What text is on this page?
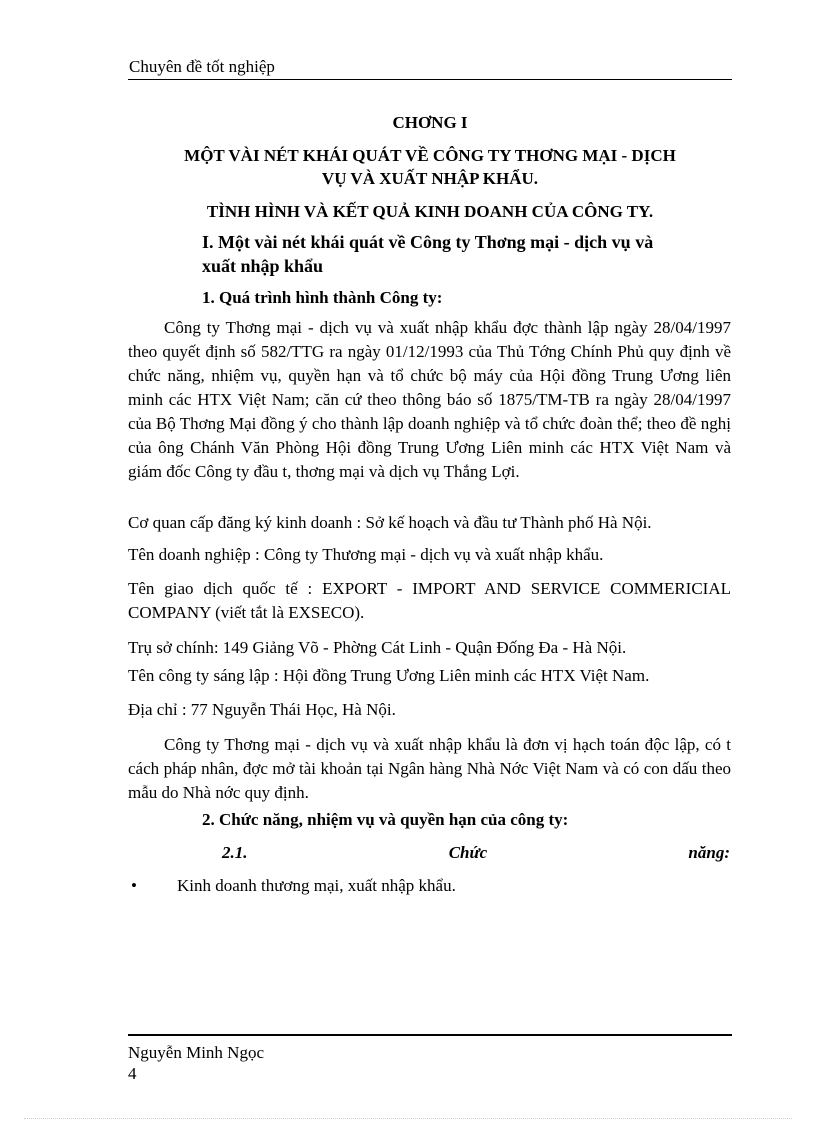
Chuyên đề tốt nghiệp
CHƠNG I
MỘT VÀI NÉT KHÁI QUÁT VỀ CÔNG TY THƠNG MẠI - DỊCH
VỤ VÀ XUẤT NHẬP KHẨU.
TÌNH HÌNH VÀ KẾT QUẢ KINH DOANH CỦA CÔNG TY.
I. Một vài nét khái quát về Công ty Thơng mại - dịch vụ và
xuất nhập khẩu
1. Quá trình hình thành Công ty:

Công ty Thơng mại - dịch vụ và xuất nhập khẩu đợc thành lập ngày 28/04/1997 theo quyết định số 582/TTG ra ngày 01/12/1993 của Thủ Tớng Chính Phủ quy định về chức năng, nhiệm vụ, quyền hạn và tổ chức bộ máy của Hội đồng Trung Ương liên minh các HTX Việt Nam; căn cứ theo thông báo số 1875/TM-TB ra ngày 28/04/1997 của Bộ Thơng Mại đồng ý cho thành lập doanh nghiệp và tổ chức đoàn thể; theo đề nghị của ông Chánh Văn Phòng Hội đồng Trung Ương Liên minh các HTX Việt Nam và giám đốc Công ty đầu t, thơng mại và dịch vụ Thắng Lợi.

Cơ quan cấp đăng ký kinh doanh : Sở kế hoạch và đầu tư Thành phố Hà Nội.
Tên doanh nghiệp : Công ty Thương mại - dịch vụ và xuất nhập khẩu.

Tên giao dịch quốc tế : EXPORT - IMPORT AND SERVICE COMMERICIAL COMPANY (viết tắt là EXSECO).

Trụ sở chính: 149 Giảng Võ - Phờng Cát Linh - Quận Đống Đa - Hà Nội.
Tên công ty sáng lập : Hội đồng Trung Ương Liên minh các HTX Việt Nam.
Địa chỉ : 77 Nguyễn Thái Học, Hà Nội.

Công ty Thơng mại - dịch vụ và xuất nhập khẩu là đơn vị hạch toán độc lập, có t cách pháp nhân, đợc mở tài khoản tại Ngân hàng Nhà Nớc Việt Nam và có con dấu theo mẫu do Nhà nớc quy định.

2. Chức năng, nhiệm vụ và quyền hạn của công ty:
2.1.	Chức	năng:
• Kinh doanh thương mại, xuất nhập khẩu.
Nguyễn Minh Ngọc
4
